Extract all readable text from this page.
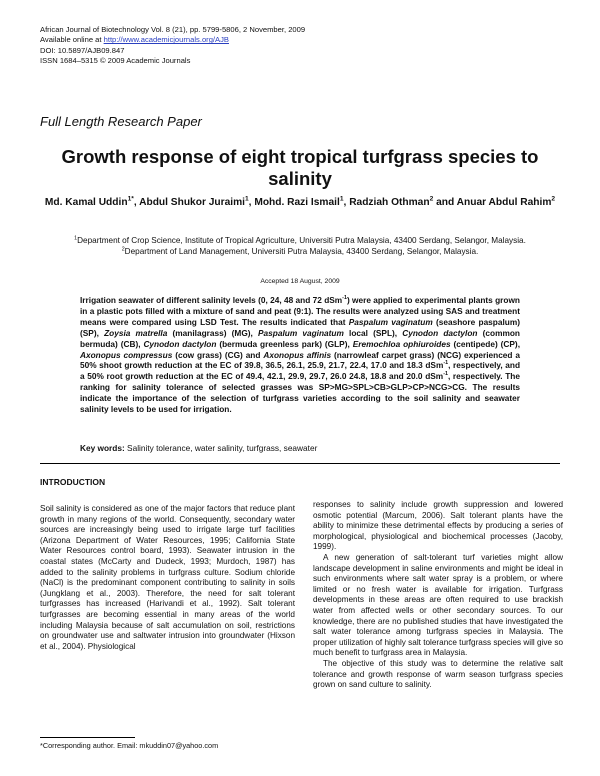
African Journal of Biotechnology Vol. 8 (21), pp. 5799-5806, 2 November, 2009
Available online at http://www.academicjournals.org/AJB
DOI: 10.5897/AJB09.847
ISSN 1684–5315 © 2009 Academic Journals
Full Length Research Paper
Growth response of eight tropical turfgrass species to salinity
Md. Kamal Uddin$^{1*}$, Abdul Shukor Juraimi$^1$, Mohd. Razi Ismail$^1$, Radziah Othman$^2$ and Anuar Abdul Rahim$^2$
$^1$Department of Crop Science, Institute of Tropical Agriculture, Universiti Putra Malaysia, 43400 Serdang, Selangor, Malaysia.
$^2$Department of Land Management, Universiti Putra Malaysia, 43400 Serdang, Selangor, Malaysia.
Accepted 18 August, 2009
Irrigation seawater of different salinity levels (0, 24, 48 and 72 dSm$^{-1}$) were applied to experimental plants grown in a plastic pots filled with a mixture of sand and peat (9:1). The results were analyzed using SAS and treatment means were compared using LSD Test. The results indicated that Paspalum vaginatum (seashore paspalum) (SP), Zoysia matrella (manilagrass) (MG), Paspalum vaginatum local (SPL), Cynodon dactylon (common bermuda) (CB), Cynodon dactylon (bermuda greenless park) (GLP), Eremochloa ophiuroides (centipede) (CP), Axonopus compressus (cow grass) (CG) and Axonopus affinis (narrowleaf carpet grass) (NCG) experienced a 50% shoot growth reduction at the EC of 39.8, 36.5, 26.1, 25.9, 21.7, 22.4, 17.0 and 18.3 dSm$^{-1}$, respectively, and a 50% root growth reduction at the EC of 49.4, 42.1, 29.9, 29.7, 26.0 24.8, 18.8 and 20.0 dSm$^{-1}$, respectively. The ranking for salinity tolerance of selected grasses was SP>MG>SPL>CB>GLP>CP>NCG>CG. The results indicate the importance of the selection of turfgrass varieties according to the soil salinity and seawater salinity levels to be used for irrigation.
Key words: Salinity tolerance, water salinity, turfgrass, seawater
INTRODUCTION

Soil salinity is considered as one of the major factors that reduce plant growth in many regions of the world. Consequently, secondary water sources are increasingly being used to irrigate large turf facilities (Arizona Department of Water Resources, 1995; California State Water Resources control board, 1993). Seawater intrusion in the coastal states (McCarty and Dudeck, 1993; Murdoch, 1987) has added to the salinity problems in turfgrass culture. Sodium chloride (NaCl) is the predominant component contributing to salinity in soils (Jungklang et al., 2003). Therefore, the need for salt tolerant turfgrasses has increased (Harivandi et al., 1992). Salt tolerant turfgrasses are becoming essential in many areas of the world including Malaysia because of salt accumulation on soil, restrictions on groundwater use and saltwater intrusion into groundwater (Hixson et al., 2004). Physiological

responses to salinity include growth suppression and lowered osmotic potential (Marcum, 2006). Salt tolerant plants have the ability to minimize these detrimental effects by producing a series of morphological, physiological and biochemical processes (Jacoby, 1999).

A new generation of salt-tolerant turf varieties might allow landscape development in saline environments and might be ideal in such environments where salt water spray is a problem, or where limited or no fresh water is available for irrigation. Turfgrass developments in these areas are often required to use brackish water from affected wells or other secondary sources. To our knowledge, there are no published studies that have investigated the salt water tolerance among turfgrass species in Malaysia. The proper utilization of highly salt tolerance turfgrass species will give so much benefit to turfgrass area in Malaysia.

The objective of this study was to determine the relative salt tolerance and growth response of warm season turfgrass species grown on sand culture to salinity.

*Corresponding author. Email: mkuddin07@yahoo.com
